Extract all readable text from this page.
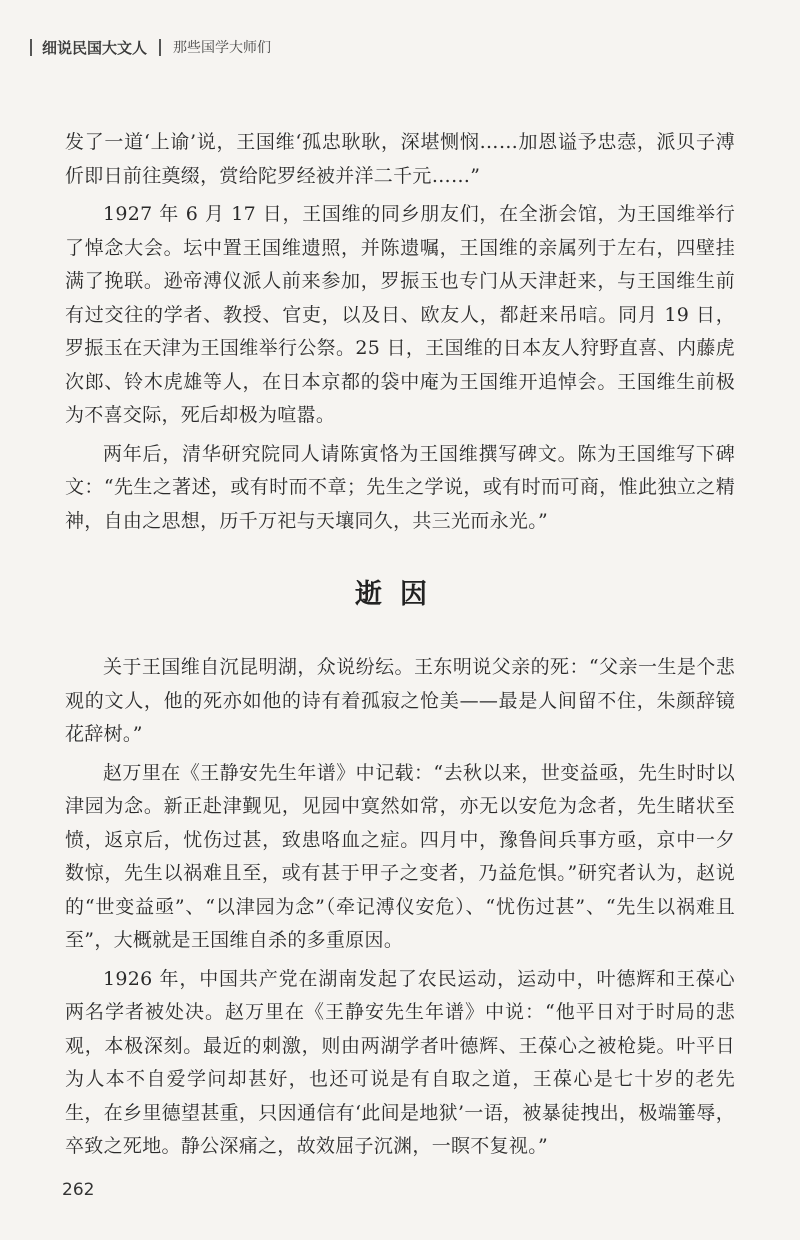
细说民国大文人 那些国学大师们

发了一道‘上谕’说，王国维‘孤忠耿耿，深堪恻悯……加恩谥予忠悫，派贝子溥伒即日前往奠缀，赏给陀罗经被并洋二千元……”

1927 年 6 月 17 日，王国维的同乡朋友们，在全浙会馆，为王国维举行了悼念大会。坛中置王国维遗照，并陈遗嘱，王国维的亲属列于左右，四壁挂满了挽联。逊帝溥仪派人前来参加，罗振玉也专门从天津赶来，与王国维生前有过交往的学者、教授、官吏，以及日、欧友人，都赶来吊唁。同月 19 日，罗振玉在天津为王国维举行公祭。25 日，王国维的日本友人狩野直喜、内藤虎次郎、铃木虎雄等人，在日本京都的袋中庵为王国维开追悼会。王国维生前极为不喜交际，死后却极为喧嚣。

两年后，清华研究院同人请陈寅恪为王国维撰写碑文。陈为王国维写下碑文：“先生之著述，或有时而不章；先生之学说，或有时而可商，惟此独立之精神，自由之思想，历千万祀与天壤同久，共三光而永光。”

逝因

关于王国维自沉昆明湖，众说纷纭。王东明说父亲的死：“父亲一生是个悲观的文人，他的死亦如他的诗有着孤寂之怆美——最是人间留不住，朱颜辞镜花辞树。”

赵万里在《王静安先生年谱》中记载：“去秋以来，世变益亟，先生时时以津园为念。新正赴津觐见，见园中寞然如常，亦无以安危为念者，先生睹状至愤，返京后，忧伤过甚，致患咯血之症。四月中，豫鲁间兵事方亟，京中一夕数惊，先生以祸难且至，或有甚于甲子之变者，乃益危惧。”研究者认为，赵说的“世变益亟”、“以津园为念”（牵记溥仪安危）、“忧伤过甚”、“先生以祸难且至”，大概就是王国维自杀的多重原因。

1926 年，中国共产党在湖南发起了农民运动，运动中，叶德辉和王葆心两名学者被处决。赵万里在《王静安先生年谱》中说：“他平日对于时局的悲观，本极深刻。最近的刺激，则由两湖学者叶德辉、王葆心之被枪毙。叶平日为人本不自爱学问却甚好，也还可说是有自取之道，王葆心是七十岁的老先生，在乡里德望甚重，只因通信有‘此间是地狱’一语，被暴徒拽出，极端箠辱，卒致之死地。静公深痛之，故效屈子沉渊，一瞑不复视。”

262
